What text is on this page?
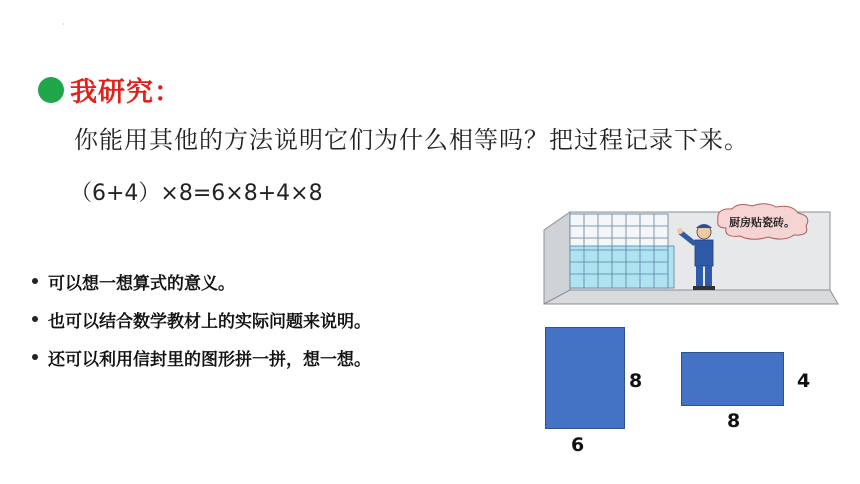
·
我研究：
你能用其他的方法说明它们为什么相等吗？把过程记录下来。
（6+4）×8=6×8+4×8
可以想一想算式的意义。
也可以结合数学教材上的实际问题来说明。
还可以利用信封里的图形拼一拼，想一想。
厨房贴瓷砖。
8
6
4
8
